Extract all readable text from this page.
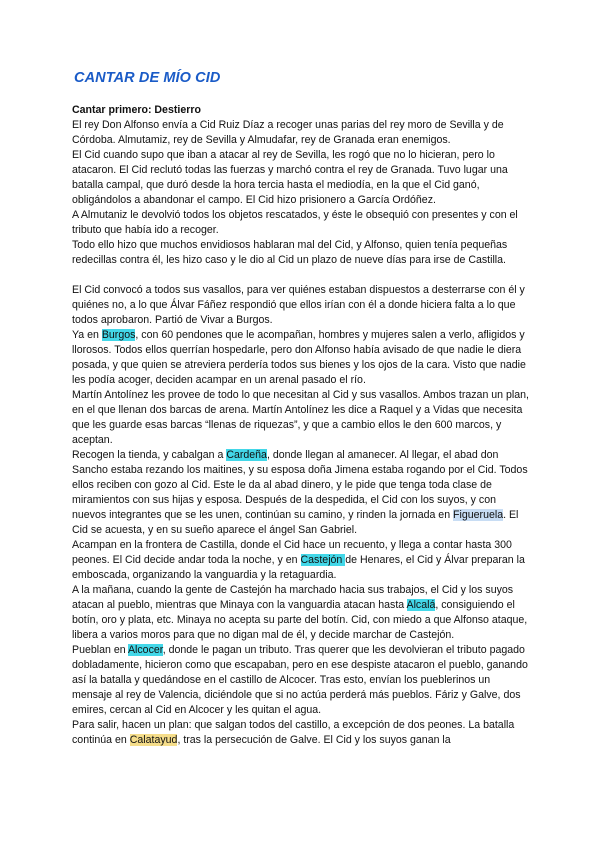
CANTAR DE MÍO CID

Cantar primero: Destierro

El rey Don Alfonso envía a Cid Ruiz Díaz a recoger unas parias del rey moro de Sevilla y de Córdoba. Almutamiz, rey de Sevilla y Almudafar, rey de Granada eran enemigos.

El Cid cuando supo que iban a atacar al rey de Sevilla, les rogó que no lo hicieran, pero lo atacaron. El Cid reclutó todas las fuerzas y marchó contra el rey de Granada. Tuvo lugar una batalla campal, que duró desde la hora tercia hasta el mediodía, en la que el Cid ganó, obligándolos a abandonar el campo. El Cid hizo prisionero a García Ordóñez.

A Almutaniz le devolvió todos los objetos rescatados, y éste le obsequió con presentes y con el tributo que había ido a recoger.

Todo ello hizo que muchos envidiosos hablaran mal del Cid, y Alfonso, quien tenía pequeñas redecillas contra él, les hizo caso y le dio al Cid un plazo de nueve días para irse de Castilla.

El Cid convocó a todos sus vasallos, para ver quiénes estaban dispuestos a desterrarse con él y quiénes no, a lo que Álvar Fáñez respondió que ellos irían con él a donde hiciera falta a lo que todos aprobaron. Partió de Vivar a Burgos.

Ya en Burgos, con 60 pendones que le acompañan, hombres y mujeres salen a verlo, afligidos y llorosos. Todos ellos querrían hospedarle, pero don Alfonso había avisado de que nadie le diera posada, y que quien se atreviera perdería todos sus bienes y los ojos de la cara. Visto que nadie les podía acoger, deciden acampar en un arenal pasado el río.

Martín Antolínez les provee de todo lo que necesitan al Cid y sus vasallos. Ambos trazan un plan, en el que llenan dos barcas de arena. Martín Antolínez les dice a Raquel y a Vidas que necesita que les guarde esas barcas “llenas de riquezas”, y que a cambio ellos le den 600 marcos, y aceptan.

Recogen la tienda, y cabalgan a Cardeña, donde llegan al amanecer. Al llegar, el abad don Sancho estaba rezando los maitines, y su esposa doña Jimena estaba rogando por el Cid. Todos ellos reciben con gozo al Cid. Este le da al abad dinero, y le pide que tenga toda clase de miramientos con sus hijas y esposa. Después de la despedida, el Cid con los suyos, y con nuevos integrantes que se les unen, continúan su camino, y rinden la jornada en Figueruela. El Cid se acuesta, y en su sueño aparece el ángel San Gabriel.

Acampan en la frontera de Castilla, donde el Cid hace un recuento, y llega a contar hasta 300 peones. El Cid decide andar toda la noche, y en Castejón de Henares, el Cid y Álvar preparan la emboscada, organizando la vanguardia y la retaguardia.

A la mañana, cuando la gente de Castejón ha marchado hacia sus trabajos, el Cid y los suyos atacan al pueblo, mientras que Minaya con la vanguardia atacan hasta Alcalá, consiguiendo el botín, oro y plata, etc. Minaya no acepta su parte del botín. Cid, con miedo a que Alfonso ataque, libera a varios moros para que no digan mal de él, y decide marchar de Castejón.

Pueblan en Alcocer, donde le pagan un tributo. Tras querer que les devolvieran el tributo pagado dobladamente, hicieron como que escapaban, pero en ese despiste atacaron el pueblo, ganando así la batalla y quedándose en el castillo de Alcocer. Tras esto, envían los pueblerinos un mensaje al rey de Valencia, diciéndole que si no actúa perderá más pueblos. Fáriz y Galve, dos emires, cercan al Cid en Alcocer y les quitan el agua.

Para salir, hacen un plan: que salgan todos del castillo, a excepción de dos peones. La batalla continúa en Calatayud, tras la persecución de Galve. El Cid y los suyos ganan la
